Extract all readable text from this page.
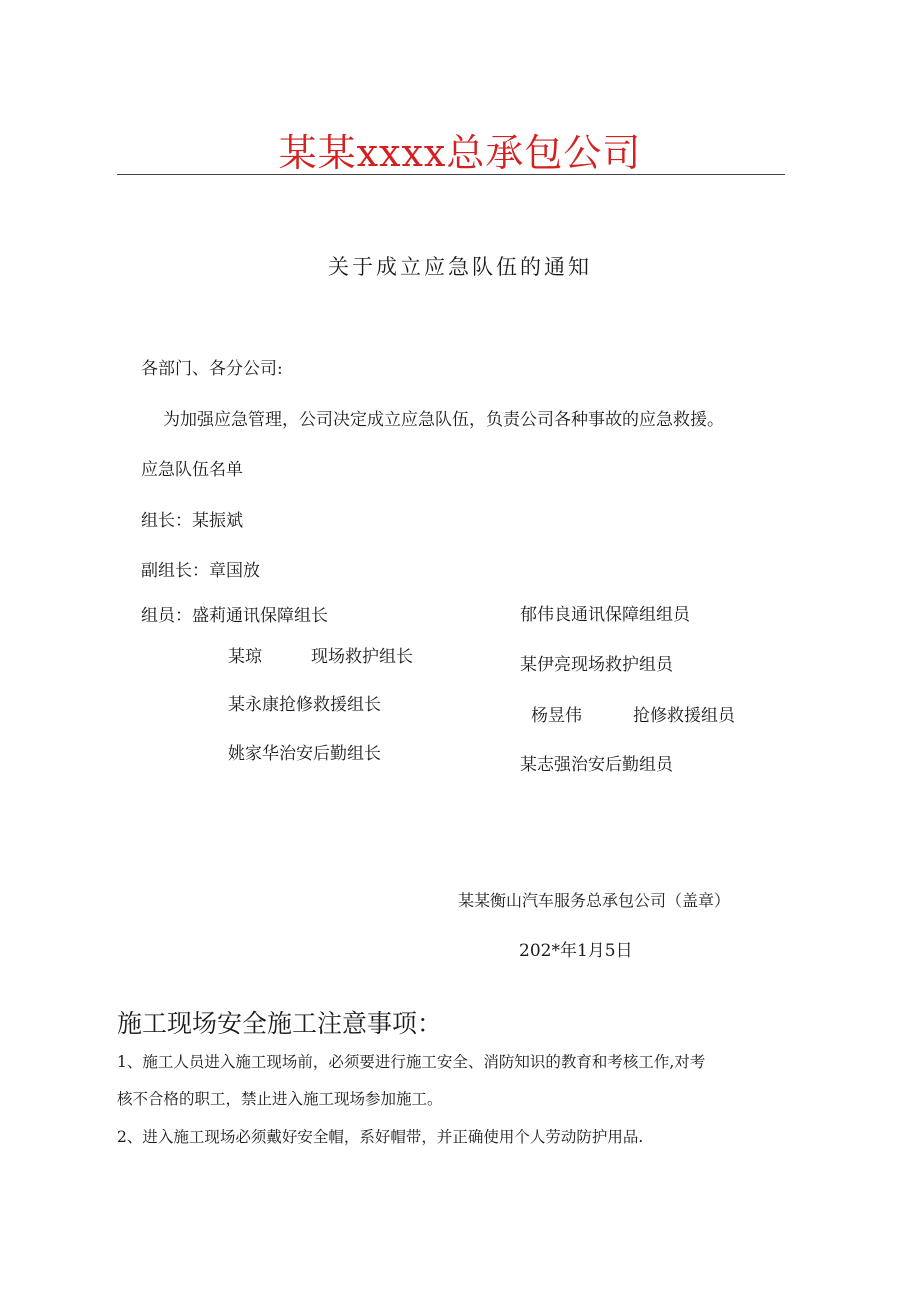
某某xxxx总承包公司
关于成立应急队伍的通知
各部门、各分公司:
为加强应急管理，公司决定成立应急队伍，负责公司各种事故的应急救援。
应急队伍名单
组长：某振斌
副组长：章国放
组员：盛莉通讯保障组长
某琼	现场救护组长
某永康抢修救援组长
姚家华治安后勤组长
郁伟良通讯保障组组员
某伊亮现场救护组员
杨昱伟	抢修救援组员
某志强治安后勤组员
某某衡山汽车服务总承包公司（盖章）
202*年1月5日
施工现场安全施工注意事项：
1、施工人员进入施工现场前，必须要进行施工安全、消防知识的教育和考核工作,对考
核不合格的职工，禁止进入施工现场参加施工。
2、进入施工现场必须戴好安全帽，系好帽带，并正确使用个人劳动防护用品.
